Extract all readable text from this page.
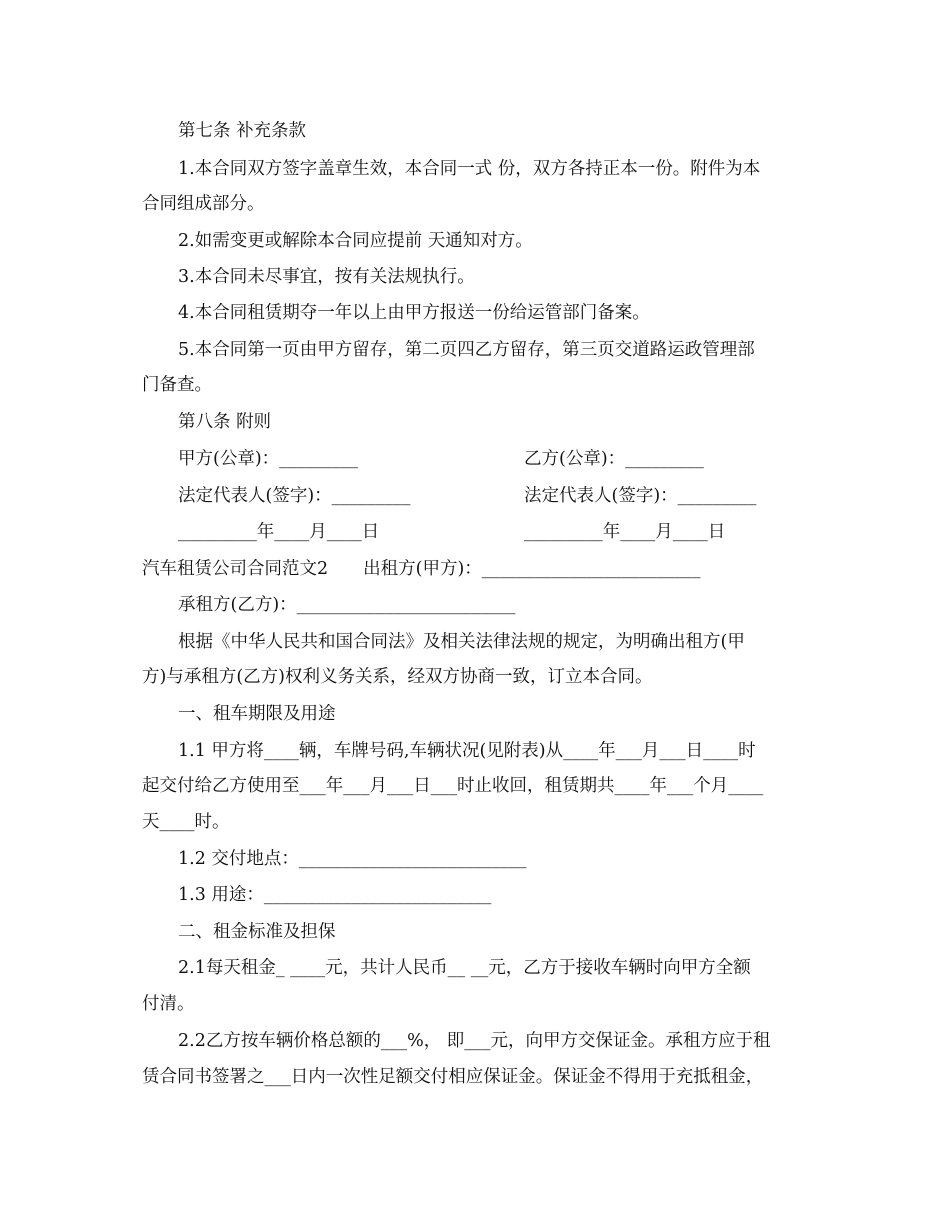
第七条 补充条款
1.本合同双方签字盖章生效，本合同一式 份，双方各持正本一份。附件为本
合同组成部分。
2.如需变更或解除本合同应提前 天通知对方。
3.本合同未尽事宜，按有关法规执行。
4.本合同租赁期夺一年以上由甲方报送一份给运管部门备案。
5.本合同第一页由甲方留存，第二页四乙方留存，第三页交道路运政管理部
门备查。
第八条 附则
甲方(公章)：_________	乙方(公章)：_________
法定代表人(签字)：_________	法定代表人(签字)：_________
_________年____月____日	_________年____月____日
汽车租赁公司合同范文2　　出租方(甲方)：_________________________
承租方(乙方)：_________________________
根据《中华人民共和国合同法》及相关法律法规的规定，为明确出租方(甲
方)与承租方(乙方)权利义务关系，经双方协商一致，订立本合同。
一、租车期限及用途
1.1 甲方将____辆，车牌号码,车辆状况(见附表)从____年___月___日____时
起交付给乙方使用至___年___月___日___时止收回，租赁期共____年___个月____
天____时。
1.2 交付地点：__________________________
1.3 用途：__________________________
二、租金标准及担保
2.1每天租金_ ____元，共计人民币__ __元，乙方于接收车辆时向甲方全额
付清。
2.2乙方按车辆价格总额的___%， 即___元，向甲方交保证金。承租方应于租
赁合同书签署之___日内一次性足额交付相应保证金。保证金不得用于充抵租金，
